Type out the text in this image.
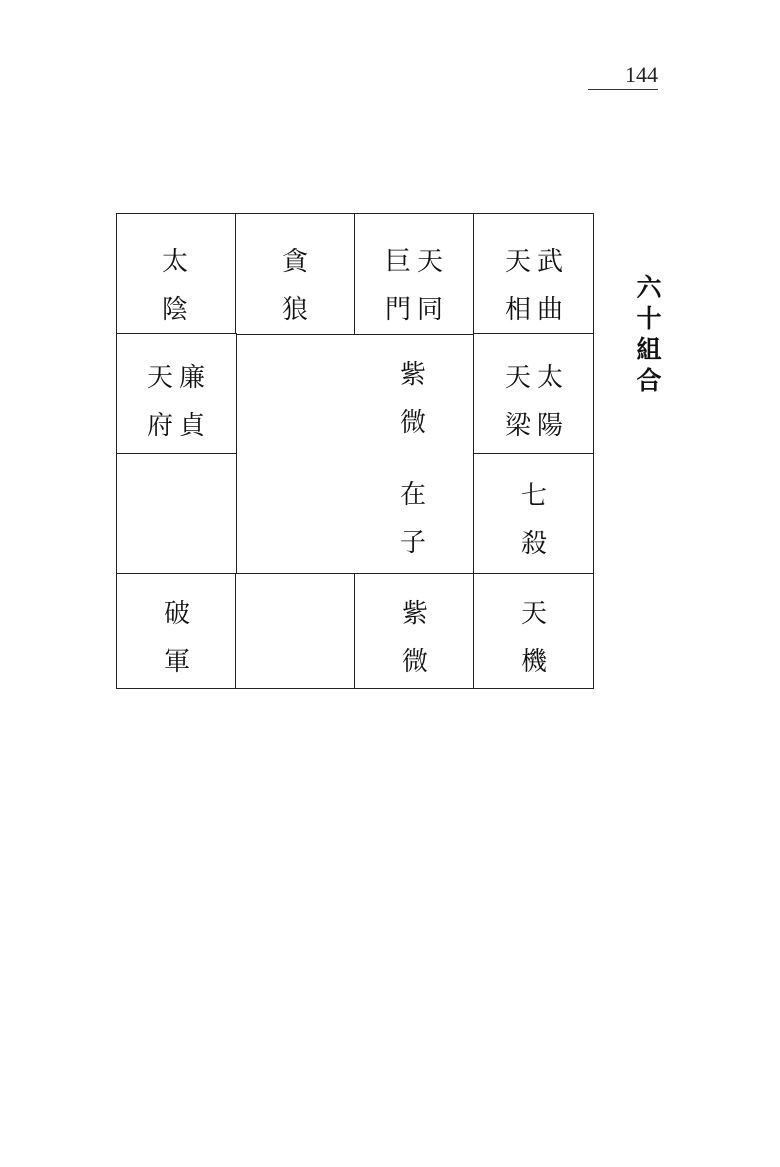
144
六
十
組
合
太
陰
貪
狼
天
同
巨
門
武
曲
天
相
廉
貞
天
府
太
陽
天
梁
七
殺
紫
微
在
子
破
軍
紫
微
天
機
